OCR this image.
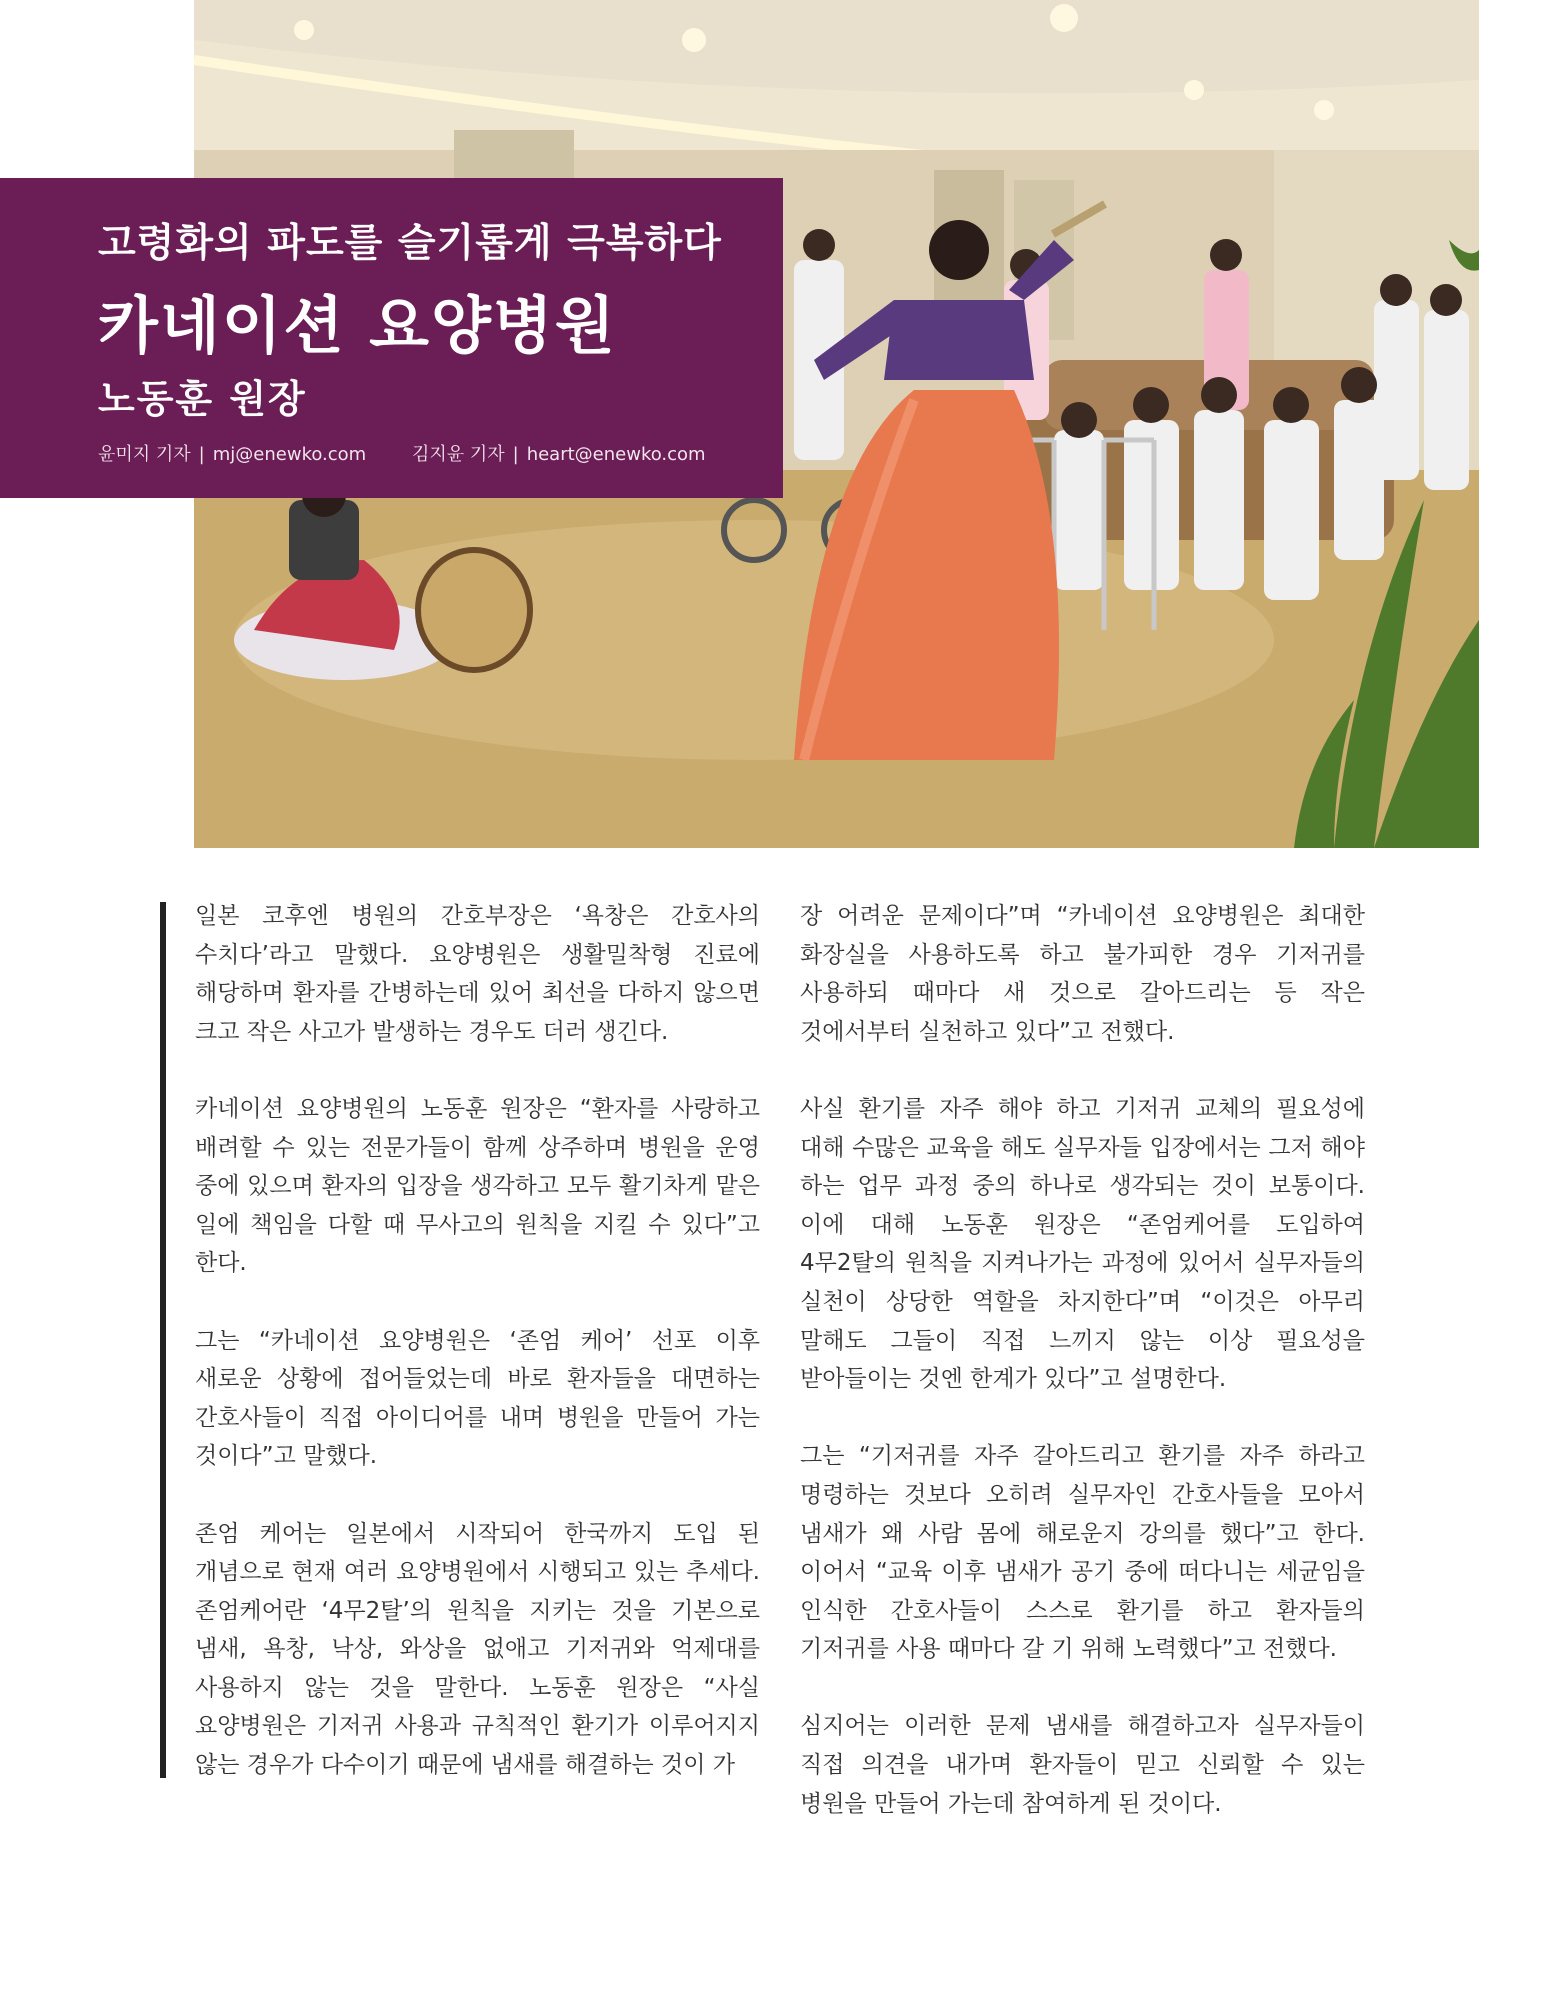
고령화의 파도를 슬기롭게 극복하다
카네이션 요양병원
노동훈 원장
윤미지 기자 | mj@enewko.com	김지윤 기자 | heart@enewko.com

일본 코후엔 병원의 간호부장은 ‘욕창은 간호사의 수치다’라고 말했다. 요양병원은 생활밀착형 진료에 해당하며 환자를 간병하는데 있어 최선을 다하지 않으면 크고 작은 사고가 발생하는 경우도 더러 생긴다.

카네이션 요양병원의 노동훈 원장은 “환자를 사랑하고 배려할 수 있는 전문가들이 함께 상주하며 병원을 운영 중에 있으며 환자의 입장을 생각하고 모두 활기차게 맡은 일에 책임을 다할 때 무사고의 원칙을 지킬 수 있다”고 한다.

그는 “카네이션 요양병원은 ‘존엄 케어’ 선포 이후 새로운 상황에 접어들었는데 바로 환자들을 대면하는 간호사들이 직접 아이디어를 내며 병원을 만들어 가는 것이다”고 말했다.

존엄 케어는 일본에서 시작되어 한국까지 도입 된 개념으로 현재 여러 요양병원에서 시행되고 있는 추세다. 존엄케어란 ‘4무2탈’의 원칙을 지키는 것을 기본으로 냄새, 욕창, 낙상, 와상을 없애고 기저귀와 억제대를 사용하지 않는 것을 말한다. 노동훈 원장은 “사실 요양병원은 기저귀 사용과 규칙적인 환기가 이루어지지 않는 경우가 다수이기 때문에 냄새를 해결하는 것이 가

장 어려운 문제이다”며 “카네이션 요양병원은 최대한 화장실을 사용하도록 하고 불가피한 경우 기저귀를 사용하되 때마다 새 것으로 갈아드리는 등 작은 것에서부터 실천하고 있다”고 전했다.

사실 환기를 자주 해야 하고 기저귀 교체의 필요성에 대해 수많은 교육을 해도 실무자들 입장에서는 그저 해야 하는 업무 과정 중의 하나로 생각되는 것이 보통이다. 이에 대해 노동훈 원장은 “존엄케어를 도입하여 4무2탈의 원칙을 지켜나가는 과정에 있어서 실무자들의 실천이 상당한 역할을 차지한다”며 “이것은 아무리 말해도 그들이 직접 느끼지 않는 이상 필요성을 받아들이는 것엔 한계가 있다”고 설명한다.

그는 “기저귀를 자주 갈아드리고 환기를 자주 하라고 명령하는 것보다 오히려 실무자인 간호사들을 모아서 냄새가 왜 사람 몸에 해로운지 강의를 했다”고 한다. 이어서 “교육 이후 냄새가 공기 중에 떠다니는 세균임을 인식한 간호사들이 스스로 환기를 하고 환자들의 기저귀를 사용 때마다 갈 기 위해 노력했다”고 전했다.

심지어는 이러한 문제 냄새를 해결하고자 실무자들이 직접 의견을 내가며 환자들이 믿고 신뢰할 수 있는 병원을 만들어 가는데 참여하게 된 것이다.
